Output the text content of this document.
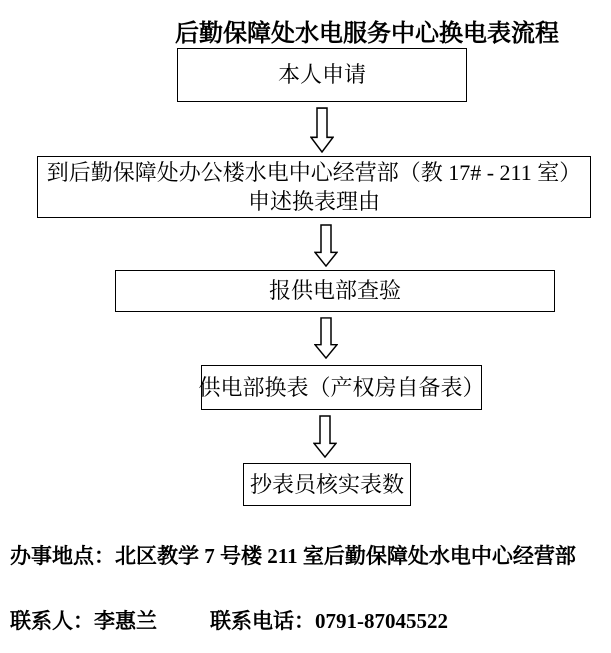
后勤保障处水电服务中心换电表流程
本人申请
到后勤保障处办公楼水电中心经营部（教 17# - 211 室）
申述换表理由
报供电部查验
供电部换表（产权房自备表）
抄表员核实表数
办事地点：北区教学 7 号楼 211 室后勤保障处水电中心经营部
联系人：李惠兰	联系电话：0791-87045522
